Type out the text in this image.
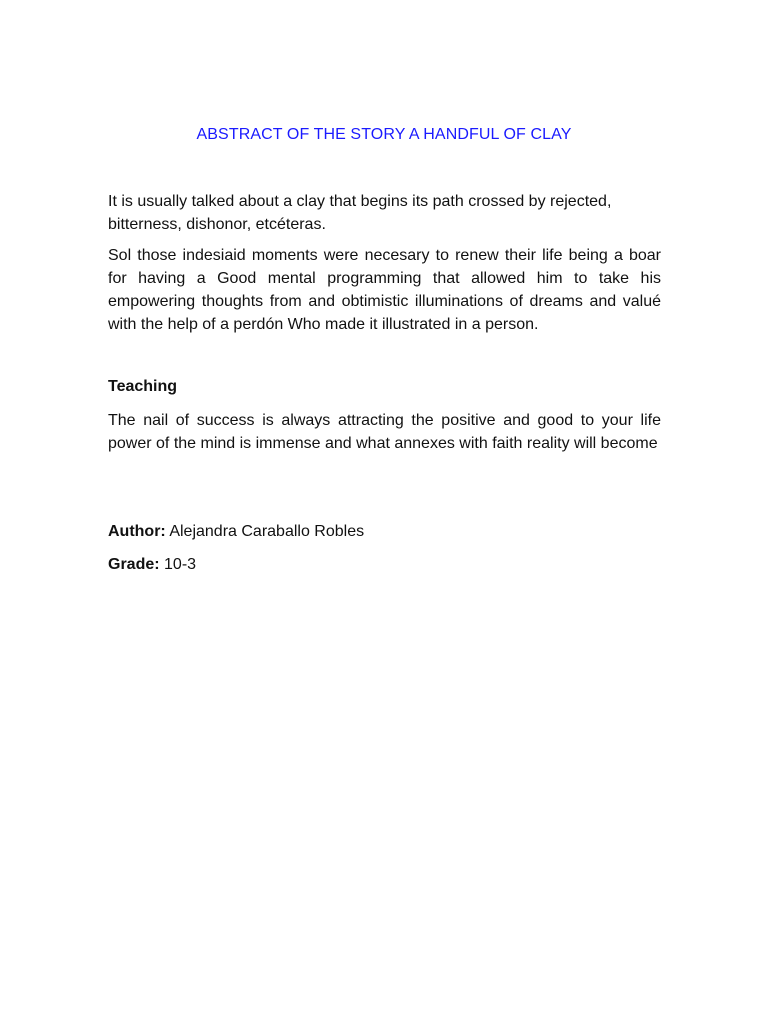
ABSTRACT OF THE STORY A HANDFUL OF CLAY
It is usually talked about a clay that begins its path crossed by rejected, bitterness, dishonor, etcéteras.
Sol those indesiaid moments were necesary to renew their life being a boar for having a Good mental programming that allowed him to take his empowering thoughts from and obtimistic illuminations of dreams and valué with the help of a perdón Who made it illustrated in a person.
Teaching
The nail of success is always attracting the positive and good to your life power of the mind is immense and what annexes with faith reality will become
Author: Alejandra Caraballo Robles
Grade: 10-3
